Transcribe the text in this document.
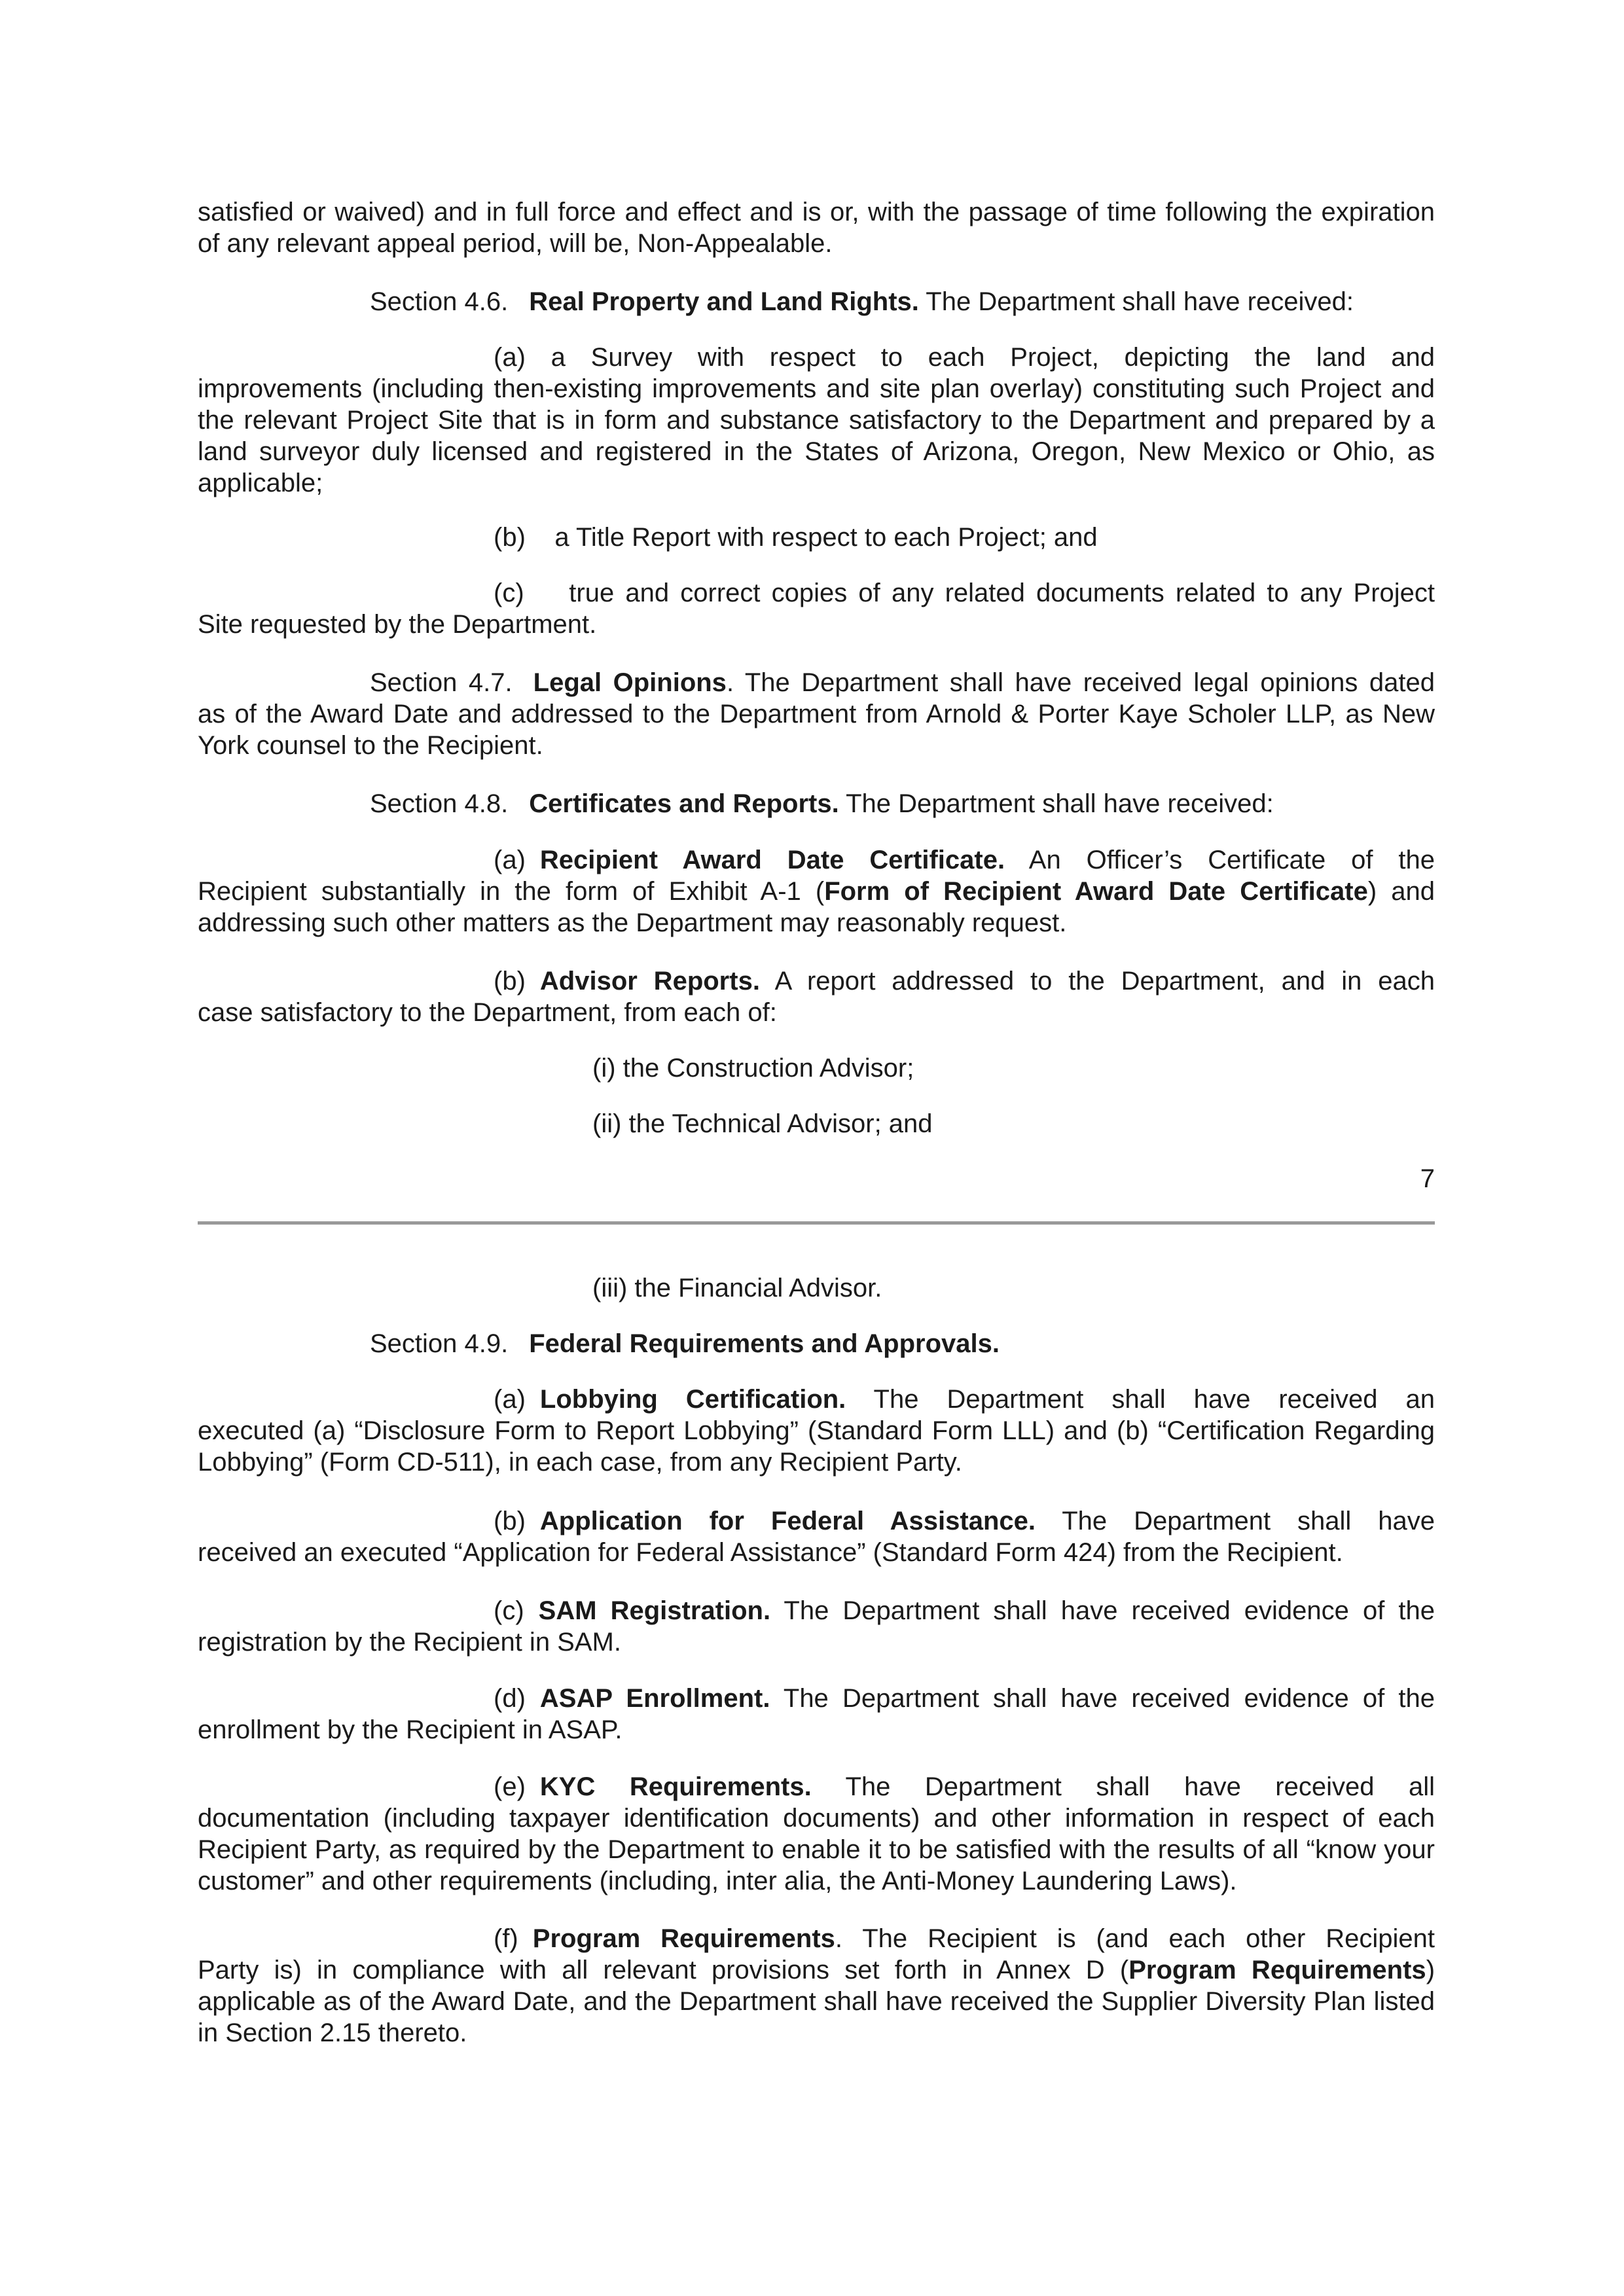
satisfied or waived) and in full force and effect and is or, with the passage of time following the expiration

of any relevant appeal period, will be, Non-Appealable.

Section 4.6. Real Property and Land Rights. The Department shall have received:

(a) a Survey with respect to each Project, depicting the land and

improvements (including then-existing improvements and site plan overlay) constituting such Project and the relevant Project Site that is in form and substance satisfactory to the Department and prepared by a land surveyor duly licensed and registered in the States of Arizona, Oregon, New Mexico or Ohio, as applicable;

(b)    a Title Report with respect to each Project; and

(c)    true and correct copies of any related documents related to any Project

Site requested by the Department.

Section 4.7. Legal Opinions. The Department shall have received legal opinions dated

as of the Award Date and addressed to the Department from Arnold & Porter Kaye Scholer LLP, as New York counsel to the Recipient.

Section 4.8. Certificates and Reports. The Department shall have received:

(a) Recipient Award Date Certificate. An Officer’s Certificate of the

Recipient substantially in the form of Exhibit A-1 (Form of Recipient Award Date Certificate) and addressing such other matters as the Department may reasonably request.

(b) Advisor Reports. A report addressed to the Department, and in each

case satisfactory to the Department, from each of:

(i) the Construction Advisor;

(ii) the Technical Advisor; and

7

(iii) the Financial Advisor.

Section 4.9. Federal Requirements and Approvals.

(a) Lobbying Certification. The Department shall have received an

executed (a) “Disclosure Form to Report Lobbying” (Standard Form LLL) and (b) “Certification Regarding Lobbying” (Form CD-511), in each case, from any Recipient Party.

(b) Application for Federal Assistance. The Department shall have

received an executed “Application for Federal Assistance” (Standard Form 424) from the Recipient.

(c) SAM Registration. The Department shall have received evidence of the

registration by the Recipient in SAM.

(d) ASAP Enrollment. The Department shall have received evidence of the

enrollment by the Recipient in ASAP.

(e) KYC Requirements. The Department shall have received all

documentation (including taxpayer identification documents) and other information in respect of each Recipient Party, as required by the Department to enable it to be satisfied with the results of all “know your customer” and other requirements (including, inter alia, the Anti-Money Laundering Laws).

(f) Program Requirements. The Recipient is (and each other Recipient

Party is) in compliance with all relevant provisions set forth in Annex D (Program Requirements) applicable as of the Award Date, and the Department shall have received the Supplier Diversity Plan listed in Section 2.15 thereto.
